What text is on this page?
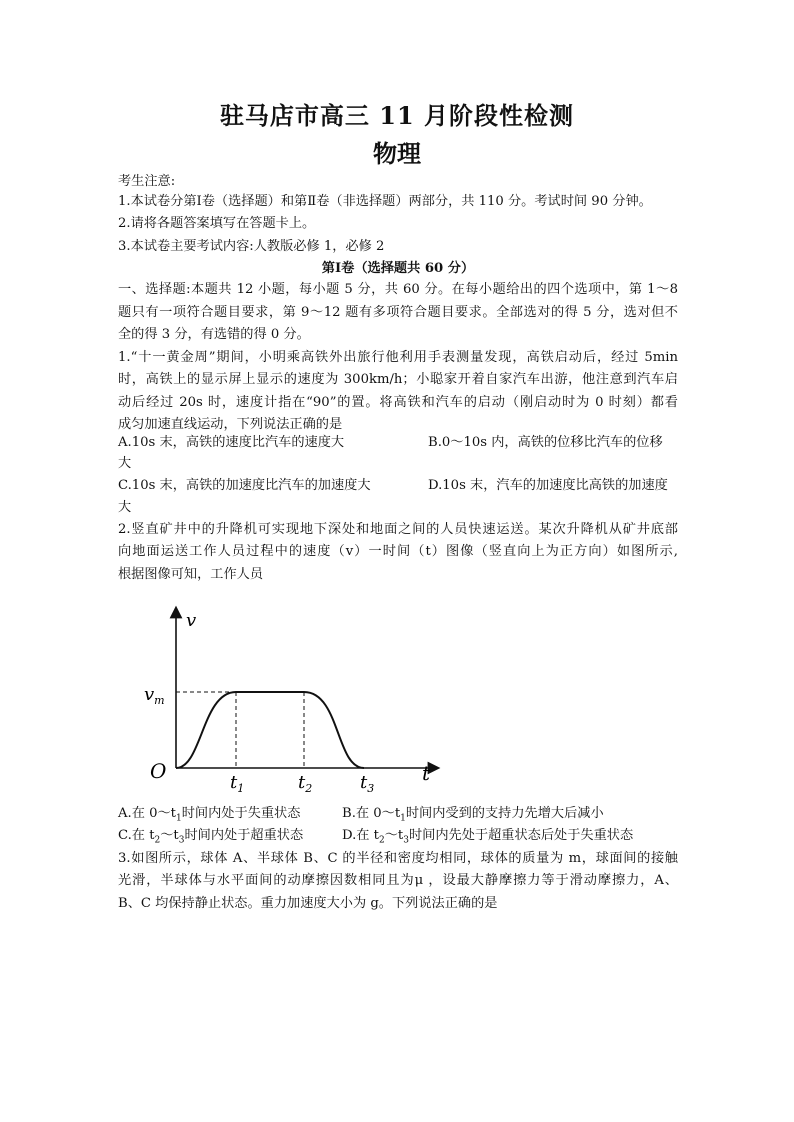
驻马店市高三 11 月阶段性检测
物理
考生注意:
1.本试卷分第Ⅰ卷（选择题）和第Ⅱ卷（非选择题）两部分，共 110 分。考试时间 90 分钟。
2.请将各题答案填写在答题卡上。
3.本试卷主要考试内容:人教版必修 1，必修 2
第Ⅰ卷（选择题共 60 分）
一、选择题:本题共 12 小题，每小题 5 分，共 60 分。在每小题给出的四个选项中，第 1～8
题只有一项符合题目要求，第 9～12 题有多项符合题目要求。全部选对的得 5 分，选对但不
全的得 3 分，有选错的得 0 分。
1.“十一黄金周”期间，小明乘高铁外出旅行他利用手表测量发现，高铁启动后，经过 5min
时，高铁上的显示屏上显示的速度为 300km/h；小聪家开着自家汽车出游，他注意到汽车启
动后经过 20s 时，速度计指在“90”的置。将高铁和汽车的启动（刚启动时为 0 时刻）都看
成匀加速直线运动，下列说法正确的是
A.10s 末，高铁的速度比汽车的速度大	B.0～10s 内，高铁的位移比汽车的位移
大
C.10s 末，高铁的加速度比汽车的加速度大	D.10s 末，汽车的加速度比高铁的加速度
大
2.竖直矿井中的升降机可实现地下深处和地面之间的人员快速运送。某次升降机从矿井底部
向地面运送工作人员过程中的速度（v）一时间（t）图像（竖直向上为正方向）如图所示,
根据图像可知，工作人员
v
$v_m$
O	t
$t_1$	$t_2$	$t_3$
A.在 $0\sim t_1$时间内处于失重状态	B.在 $0\sim t_1$时间内受到的支持力先增大后减小
C.在 $t_2\sim t_3$时间内处于超重状态	D.在 $t_2\sim t_3$时间内先处于超重状态后处于失重状态
3.如图所示，球体 A、半球体 B、C 的半径和密度均相同，球体的质量为 m，球面间的接触
光滑，半球体与水平面间的动摩擦因数相同且为μ ，设最大静摩擦力等于滑动摩擦力，A、
B、C 均保持静止状态。重力加速度大小为 g。下列说法正确的是
